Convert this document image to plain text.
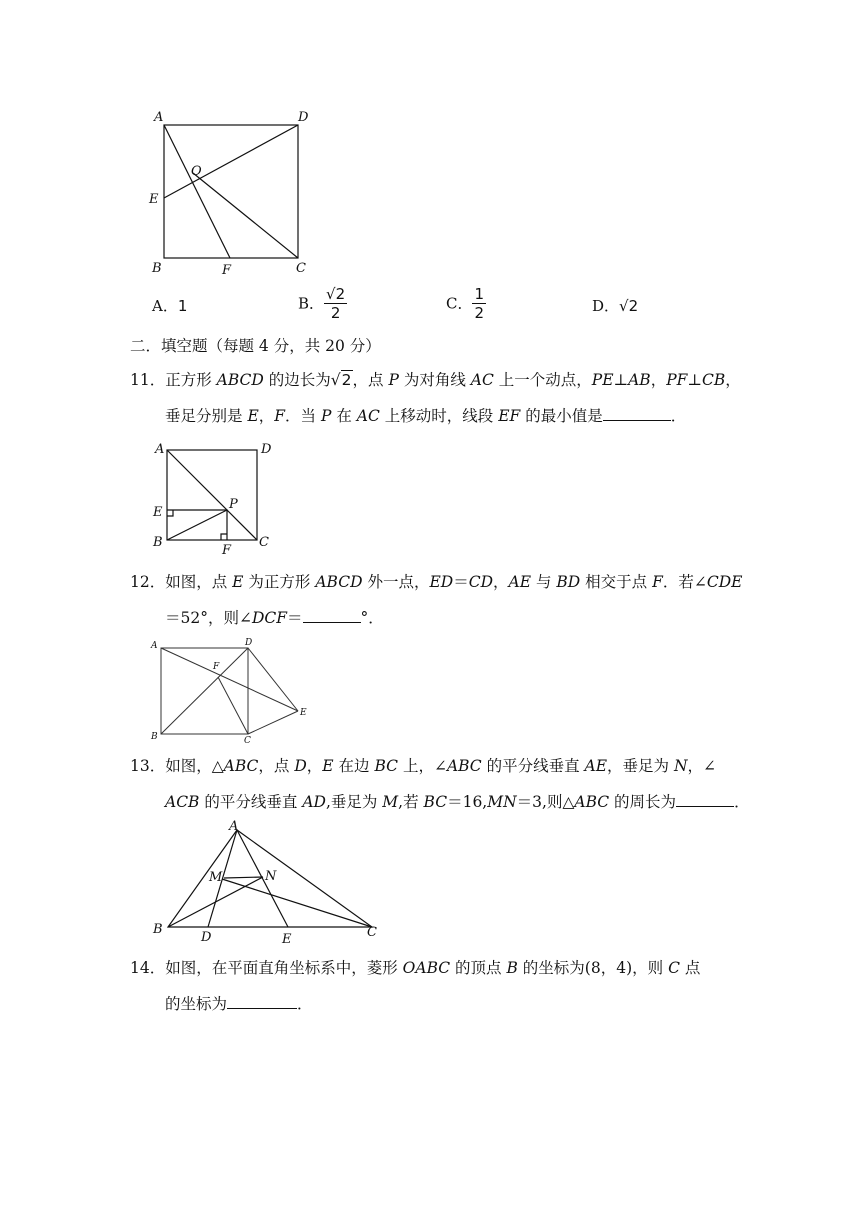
A	D
O
E
B	F	C
A．1	B． $\frac{√2}{2}$	C． $\frac{1}{2}$	D．√2
二．填空题（每题 4 分，共 20 分）
11．正方形 ABCD 的边长为√2，点 P 为对角线 AC 上一个动点，PE⊥AB，PF⊥CB，
垂足分别是 E，F．当 P 在 AC 上移动时，线段 EF 的最小值是	．
A	D
E
P
B
F
C
12．如图，点 E 为正方形 ABCD 外一点，ED＝CD，AE 与 BD 相交于点 F．若∠CDE
＝52°，则∠DCF＝	°．
A	D
F
E
B	C
13．如图，△ABC，点 D，E 在边 BC 上，∠ABC 的平分线垂直 AE，垂足为 N，∠
ACB 的平分线垂直 AD,垂足为 M,若 BC＝16,MN＝3,则△ABC 的周长为	．
A
M	N
B
D	E	C
14．如图，在平面直角坐标系中，菱形 OABC 的顶点 B 的坐标为(8，4)，则 C 点
的坐标为	．
